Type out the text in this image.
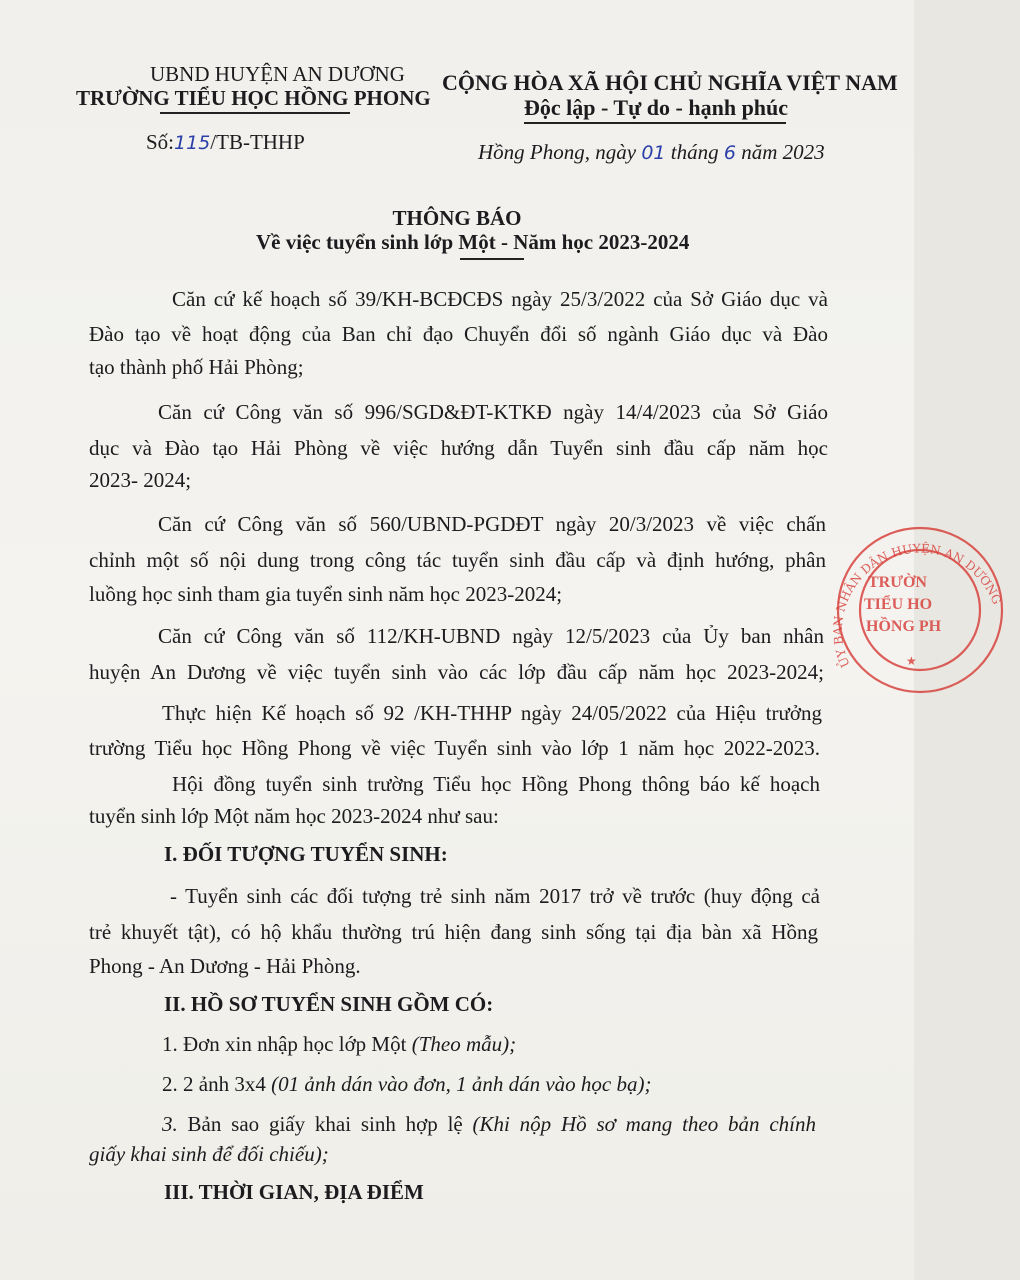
UBND HUYỆN AN DƯƠNG
TRƯỜNG TIỂU HỌC HỒNG PHONG
Số:115/TB-THHP
CỘNG HÒA XÃ HỘI CHỦ NGHĨA VIỆT NAM
Độc lập - Tự do - hạnh phúc
Hồng Phong, ngày 01 tháng 6 năm 2023
THÔNG BÁO
Về việc tuyển sinh lớp Một - Năm học 2023-2024
Căn cứ kế hoạch số 39/KH-BCĐCĐS ngày 25/3/2022 của Sở Giáo dục và
Đào tạo về hoạt động của Ban chỉ đạo Chuyển đổi số ngành Giáo dục và Đào
tạo thành phố Hải Phòng;
Căn cứ Công văn số 996/SGD&ĐT-KTKĐ ngày 14/4/2023 của Sở Giáo
dục và Đào tạo Hải Phòng về việc hướng dẫn Tuyển sinh đầu cấp năm học
2023- 2024;
Căn cứ Công văn số 560/UBND-PGDĐT ngày 20/3/2023 về việc chấn
chỉnh một số nội dung trong công tác tuyển sinh đầu cấp và định hướng, phân
luồng học sinh tham gia tuyển sinh năm học 2023-2024;
Căn cứ Công văn số 112/KH-UBND ngày 12/5/2023 của Ủy ban nhân
huyện An Dương về việc tuyển sinh vào các lớp đầu cấp năm học 2023-2024;
Thực hiện Kế hoạch số 92 /KH-THHP ngày 24/05/2022 của Hiệu trưởng
trường Tiểu học Hồng Phong về việc Tuyển sinh vào lớp 1 năm học 2022-2023.
Hội đồng tuyển sinh trường Tiểu học Hồng Phong thông báo kế hoạch
tuyển sinh lớp Một năm học 2023-2024 như sau:
I. ĐỐI TƯỢNG TUYỂN SINH:
- Tuyển sinh các đối tượng trẻ sinh năm 2017 trở về trước (huy động cả
trẻ khuyết tật), có hộ khẩu thường trú hiện đang sinh sống tại địa bàn xã Hồng
Phong - An Dương - Hải Phòng.
II. HỒ SƠ TUYỂN SINH GỒM CÓ:
1. Đơn xin nhập học lớp Một (Theo mẫu);
2. 2 ảnh 3x4 (01 ảnh dán vào đơn, 1 ảnh dán vào học bạ);
3. Bản sao giấy khai sinh hợp lệ (Khi nộp Hồ sơ mang theo bản chính
giấy khai sinh để đối chiếu);
III. THỜI GIAN, ĐỊA ĐIỂM
ỦY BAN NHÂN DÂN HUYỆN AN DƯƠNG
TRƯỜN
TIỂU HO
HỒNG PH
★
